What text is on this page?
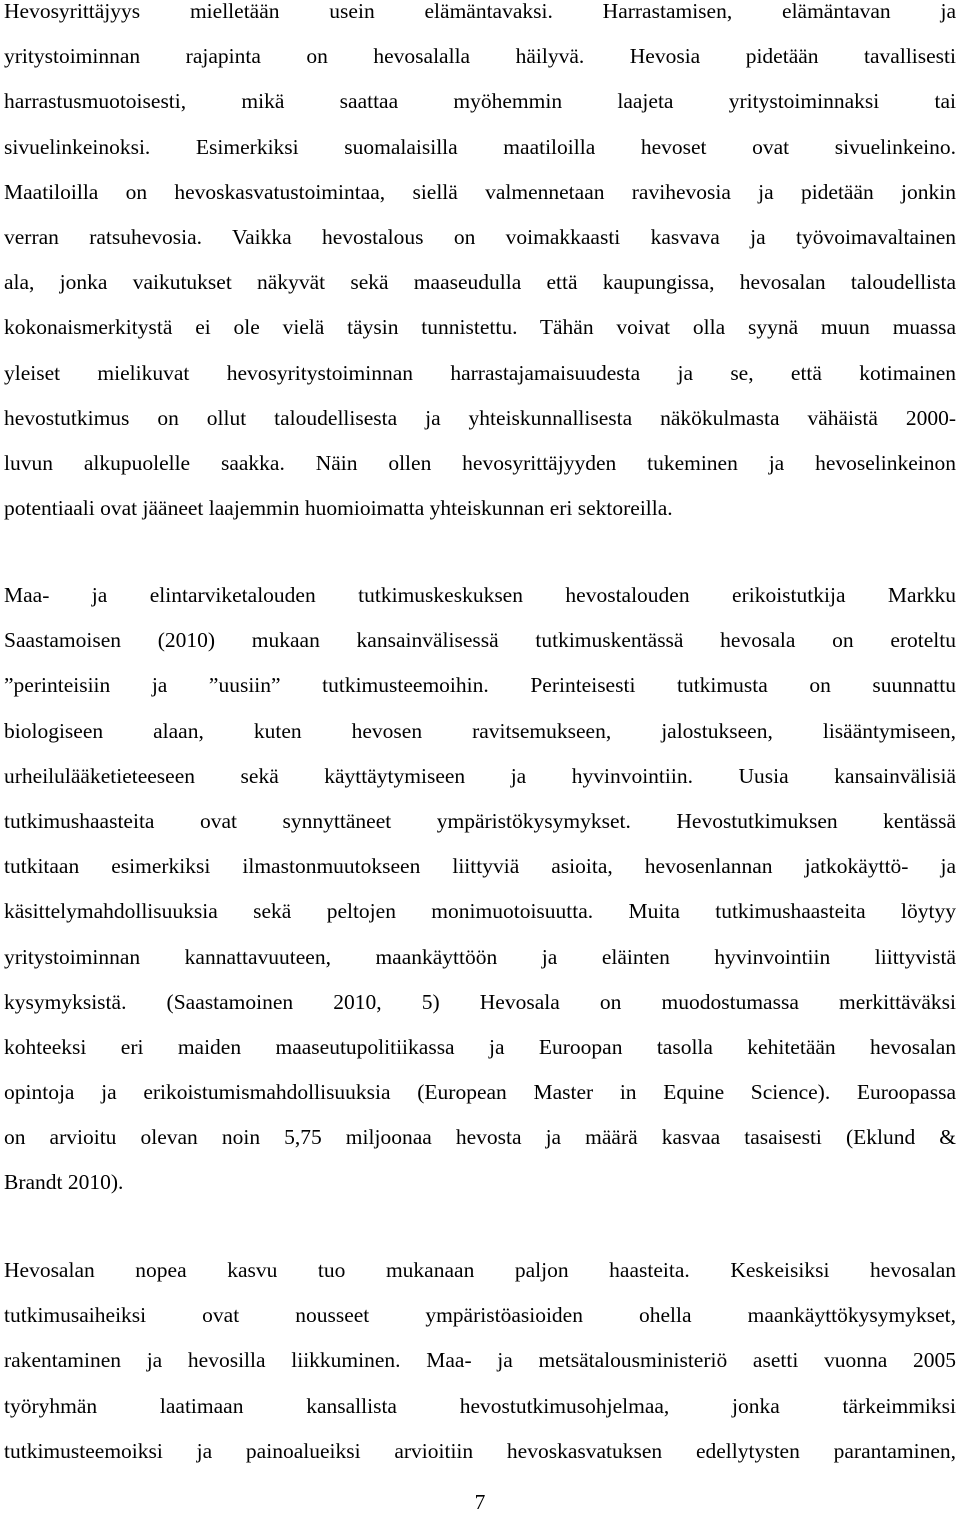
Hevosyrittäjyys mielletään usein elämäntavaksi. Harrastamisen, elämäntavan ja
yritystoiminnan rajapinta on hevosalalla häilyvä. Hevosia pidetään tavallisesti
harrastusmuotoisesti, mikä saattaa myöhemmin laajeta yritystoiminnaksi tai
sivuelinkeinoksi. Esimerkiksi suomalaisilla maatiloilla hevoset ovat sivuelinkeino.
Maatiloilla on hevoskasvatustoimintaa, siellä valmennetaan ravihevosia ja pidetään jonkin
verran ratsuhevosia. Vaikka hevostalous on voimakkaasti kasvava ja työvoimavaltainen
ala, jonka vaikutukset näkyvät sekä maaseudulla että kaupungissa, hevosalan taloudellista
kokonaismerkitystä ei ole vielä täysin tunnistettu. Tähän voivat olla syynä muun muassa
yleiset mielikuvat hevosyritystoiminnan harrastajamaisuudesta ja se, että kotimainen
hevostutkimus on ollut taloudellisesta ja yhteiskunnallisesta näkökulmasta vähäistä 2000-
luvun alkupuolelle saakka. Näin ollen hevosyrittäjyyden tukeminen ja hevoselinkeinon
potentiaali ovat jääneet laajemmin huomioimatta yhteiskunnan eri sektoreilla.
Maa- ja elintarviketalouden tutkimuskeskuksen hevostalouden erikoistutkija Markku
Saastamoisen (2010) mukaan kansainvälisessä tutkimuskentässä hevosala on eroteltu
”perinteisiin ja ”uusiin” tutkimusteemoihin. Perinteisesti tutkimusta on suunnattu
biologiseen alaan, kuten hevosen ravitsemukseen, jalostukseen, lisääntymiseen,
urheilulääketieteeseen sekä käyttäytymiseen ja hyvinvointiin. Uusia kansainvälisiä
tutkimushaasteita ovat synnyttäneet ympäristökysymykset. Hevostutkimuksen kentässä
tutkitaan esimerkiksi ilmastonmuutokseen liittyviä asioita, hevosenlannan jatkokäyttö- ja
käsittelymahdollisuuksia sekä peltojen monimuotoisuutta. Muita tutkimushaasteita löytyy
yritystoiminnan kannattavuuteen, maankäyttöön ja eläinten hyvinvointiin liittyvistä
kysymyksistä. (Saastamoinen 2010, 5) Hevosala on muodostumassa merkittäväksi
kohteeksi eri maiden maaseutupolitiikassa ja Euroopan tasolla kehitetään hevosalan
opintoja ja erikoistumismahdollisuuksia (European Master in Equine Science). Euroopassa
on arvioitu olevan noin 5,75 miljoonaa hevosta ja määrä kasvaa tasaisesti (Eklund &
Brandt 2010).
Hevosalan nopea kasvu tuo mukanaan paljon haasteita. Keskeisiksi hevosalan
tutkimusaiheiksi ovat nousseet ympäristöasioiden ohella maankäyttökysymykset,
rakentaminen ja hevosilla liikkuminen. Maa- ja metsätalousministeriö asetti vuonna 2005
työryhmän laatimaan kansallista hevostutkimusohjelmaa, jonka tärkeimmiksi
tutkimusteemoiksi ja painoalueiksi arvioitiin hevoskasvatuksen edellytysten parantaminen,
7
